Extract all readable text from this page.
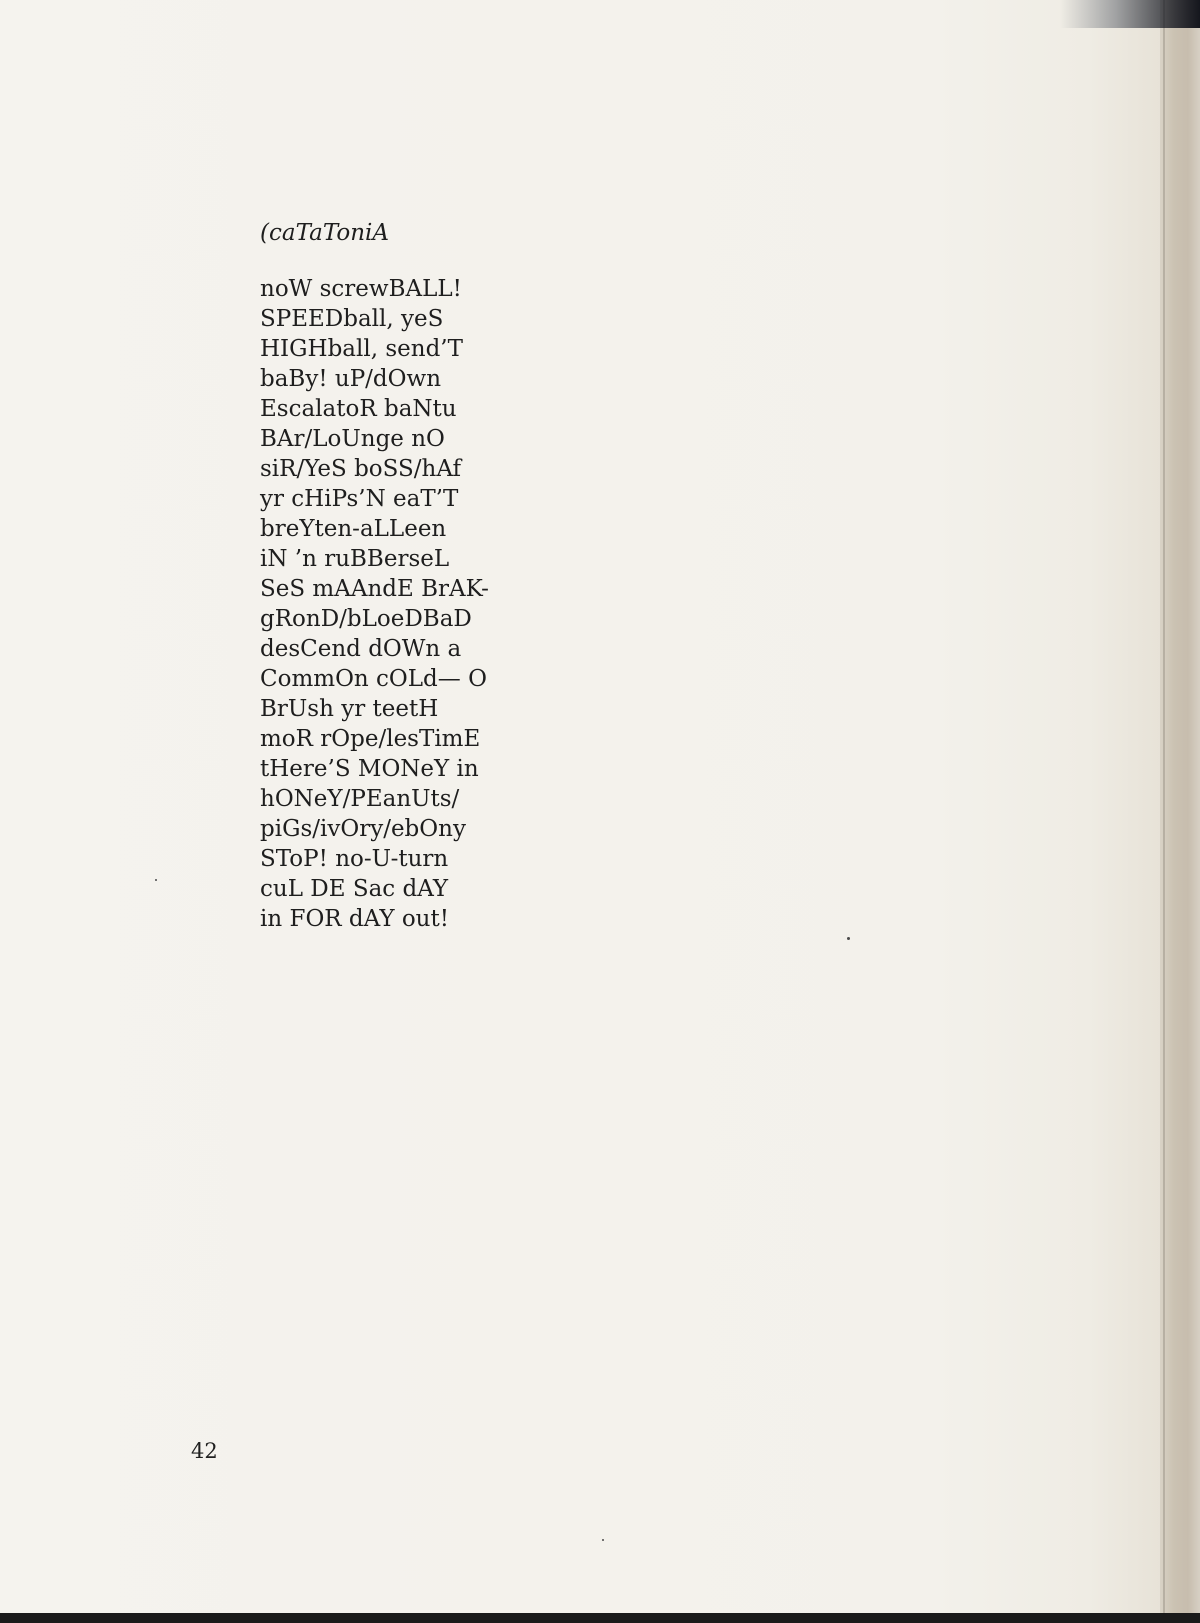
(caTaToniA
noW screwBALL!
SPEEDball, yeS
HIGHball, send’T
baBy! uP/dOwn
EscalatoR baNtu
BAr/LoUnge nO
siR/YeS boSS/hAf
yr cHiPs’N eaT’T
breYten-aLLeen
iN ’n ruBBerseL
SeS mAAndE BrAK-
gRonD/bLoeDBaD
desCend dOWn a
CommOn cOLd— O
BrUsh yr teetH
moR rOpe/lesTimE
tHere’S MONeY in
hONeY/PEanUts/
piGs/ivOry/ebOny
SToP! no-U-turn
cuL DE Sac dAY
in FOR dAY out!
42
